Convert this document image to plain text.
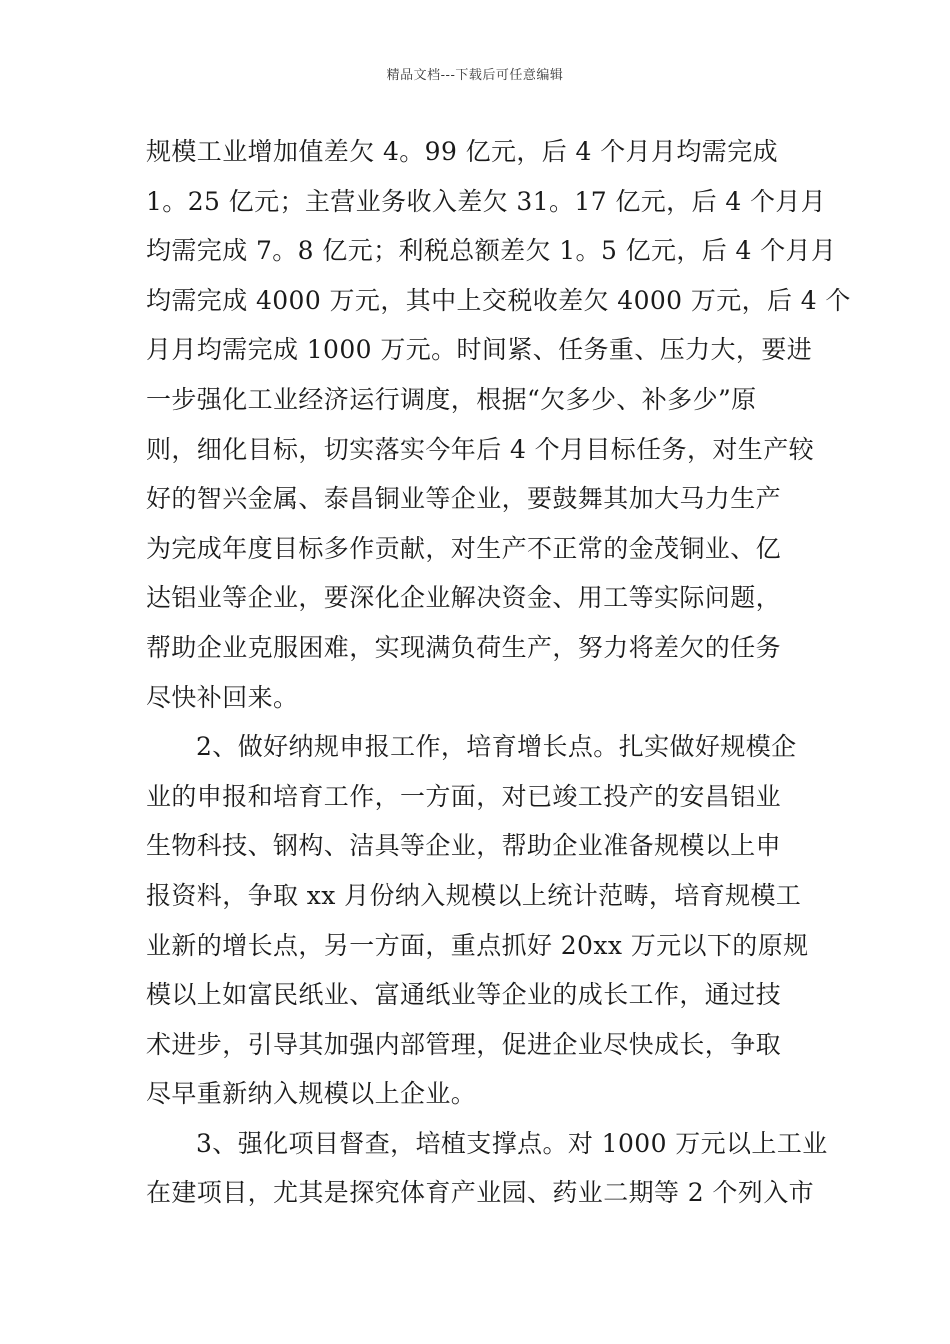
精品文档---下载后可任意编辑
规模工业增加值差欠 4。99 亿元，后 4 个月月均需完成
1。25 亿元；主营业务收入差欠 31。17 亿元，后 4 个月月
均需完成 7。8 亿元；利税总额差欠 1。5 亿元，后 4 个月月
均需完成 4000 万元，其中上交税收差欠 4000 万元，后 4 个
月月均需完成 1000 万元。时间紧、任务重、压力大，要进
一步强化工业经济运行调度，根据“欠多少、补多少”原
则，细化目标，切实落实今年后 4 个月目标任务，对生产较
好的智兴金属、泰昌铜业等企业，要鼓舞其加大马力生产
为完成年度目标多作贡献，对生产不正常的金茂铜业、亿
达铝业等企业，要深化企业解决资金、用工等实际问题，
帮助企业克服困难，实现满负荷生产，努力将差欠的任务
尽快补回来。
2、做好纳规申报工作，培育增长点。扎实做好规模企
业的申报和培育工作，一方面，对已竣工投产的安昌铝业
生物科技、钢构、洁具等企业，帮助企业准备规模以上申
报资料，争取 xx 月份纳入规模以上统计范畴，培育规模工
业新的增长点，另一方面，重点抓好 20xx 万元以下的原规
模以上如富民纸业、富通纸业等企业的成长工作，通过技
术进步，引导其加强内部管理，促进企业尽快成长，争取
尽早重新纳入规模以上企业。
3、强化项目督查，培植支撑点。对 1000 万元以上工业
在建项目，尤其是探究体育产业园、药业二期等 2 个列入市
